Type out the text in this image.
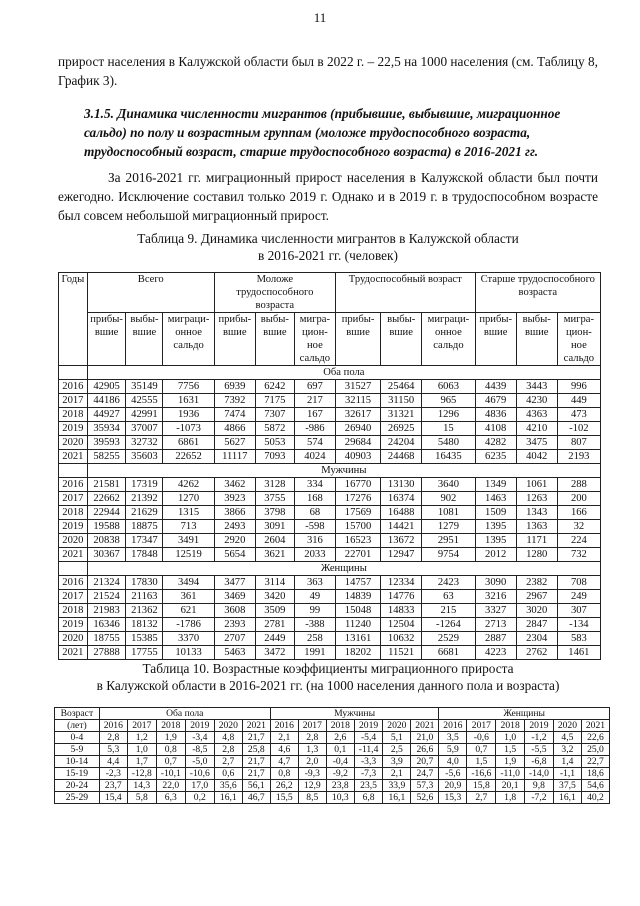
11
прирост населения в Калужской области был в 2022 г. – 22,5 на 1000 населения (см. Таблицу 8, График 3).
3.1.5. Динамика численности мигрантов (прибывшие, выбывшие, миграционное сальдо) по полу и возрастным группам (моложе трудоспособного возраста, трудоспособный возраст, старше трудоспособного возраста) в 2016-2021 гг.
За 2016-2021 гг. миграционный прирост населения в Калужской области был почти ежегодно. Исключение составил только 2019 г. Однако и в 2019 г. в трудоспособном возрасте был совсем небольшой миграционный прирост.
Таблица 9. Динамика численности мигрантов в Калужской области
в 2016-2021 гг. (человек)
Годы	Всего			Моложе трудоспособного возраста			Трудоспособный возраст			Старше трудоспособного возраста		
	прибы-вшие	выбы-вшие	миграци-онное сальдо	прибы-вшие	выбы-вшие	мигра-цион-ное сальдо	прибы-вшие	выбы-вшие	миграци-онное сальдо	прибы-вшие	выбы-вшие	мигра-цион-ное сальдо
	Оба пола											
2016	42905	35149	7756	6939	6242	697	31527	25464	6063	4439	3443	996
2017	44186	42555	1631	7392	7175	217	32115	31150	965	4679	4230	449
2018	44927	42991	1936	7474	7307	167	32617	31321	1296	4836	4363	473
2019	35934	37007	-1073	4866	5872	-986	26940	26925	15	4108	4210	-102
2020	39593	32732	6861	5627	5053	574	29684	24204	5480	4282	3475	807
2021	58255	35603	22652	11117	7093	4024	40903	24468	16435	6235	4042	2193
	Мужчины											
2016	21581	17319	4262	3462	3128	334	16770	13130	3640	1349	1061	288
2017	22662	21392	1270	3923	3755	168	17276	16374	902	1463	1263	200
2018	22944	21629	1315	3866	3798	68	17569	16488	1081	1509	1343	166
2019	19588	18875	713	2493	3091	-598	15700	14421	1279	1395	1363	32
2020	20838	17347	3491	2920	2604	316	16523	13672	2951	1395	1171	224
2021	30367	17848	12519	5654	3621	2033	22701	12947	9754	2012	1280	732
	Женщины											
2016	21324	17830	3494	3477	3114	363	14757	12334	2423	3090	2382	708
2017	21524	21163	361	3469	3420	49	14839	14776	63	3216	2967	249
2018	21983	21362	621	3608	3509	99	15048	14833	215	3327	3020	307
2019	16346	18132	-1786	2393	2781	-388	11240	12504	-1264	2713	2847	-134
2020	18755	15385	3370	2707	2449	258	13161	10632	2529	2887	2304	583
2021	27888	17755	10133	5463	3472	1991	18202	11521	6681	4223	2762	1461
Таблица 10. Возрастные коэффициенты миграционного прироста
в Калужской области в 2016-2021 гг. (на 1000 населения данного пола и возраста)
Возраст	Оба пола						Мужчины						Женщины					
(лет)	2016	2017	2018	2019	2020	2021	2016	2017	2018	2019	2020	2021	2016	2017	2018	2019	2020	2021
0-4	2,8	1,2	1,9	-3,4	4,8	21,7	2,1	2,8	2,6	-5,4	5,1	21,0	3,5	-0,6	1,0	-1,2	4,5	22,6
5-9	5,3	1,0	0,8	-8,5	2,8	25,8	4,6	1,3	0,1	-11,4	2,5	26,6	5,9	0,7	1,5	-5,5	3,2	25,0
10-14	4,4	1,7	0,7	-5,0	2,7	21,7	4,7	2,0	-0,4	-3,3	3,9	20,7	4,0	1,5	1,9	-6,8	1,4	22,7
15-19	-2,3	-12,8	-10,1	-10,6	0,6	21,7	0,8	-9,3	-9,2	-7,3	2,1	24,7	-5,6	-16,6	-11,0	-14,0	-1,1	18,6
20-24	23,7	14,3	22,0	17,0	35,6	56,1	26,2	12,9	23,8	23,5	33,9	57,3	20,9	15,8	20,1	9,8	37,5	54,6
25-29	15,4	5,8	6,3	0,2	16,1	46,7	15,5	8,5	10,3	6,8	16,1	52,6	15,3	2,7	1,8	-7,2	16,1	40,2
